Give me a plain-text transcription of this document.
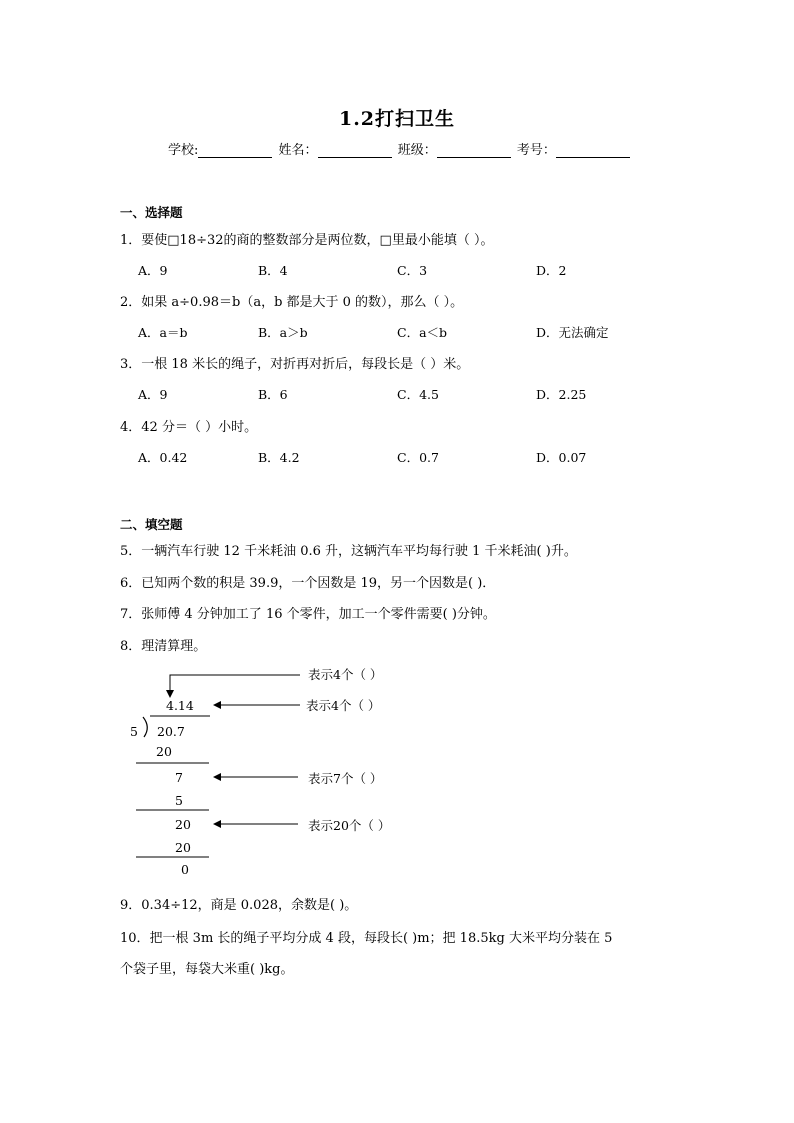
1.2打扫卫生
学校:	姓名：	班级：	考号：
一、选择题
1．要使□18÷32的商的整数部分是两位数，□里最小能填（ ）。
A．9	B．4	C．3	D．2
2．如果 a÷0.98＝b（a，b 都是大于 0 的数），那么（ ）。
A．a＝b	B．a＞b	C．a＜b	D．无法确定
3．一根 18 米长的绳子，对折再对折后，每段长是（ ）米。
A．9	B．6	C．4.5	D．2.25
4．42 分＝（ ）小时。
A．0.42	B．4.2	C．0.7	D．0.07
二、填空题
5．一辆汽车行驶 12 千米耗油 0.6 升，这辆汽车平均每行驶 1 千米耗油( )升。
6．已知两个数的积是 39.9，一个因数是 19，另一个因数是( )．
7．张师傅 4 分钟加工了 16 个零件，加工一个零件需要( )分钟。
8．理清算理。
表示4个（ ）
表示4个（ ）
表示7个（ ）
表示20个（ ）
4.14
5 20.7
20
7
5
20
20
0
9．0.34÷12，商是 0.028，余数是( )。
10．把一根 3m 长的绳子平均分成 4 段，每段长( )m；把 18.5kg 大米平均分装在 5
个袋子里，每袋大米重( )kg。
